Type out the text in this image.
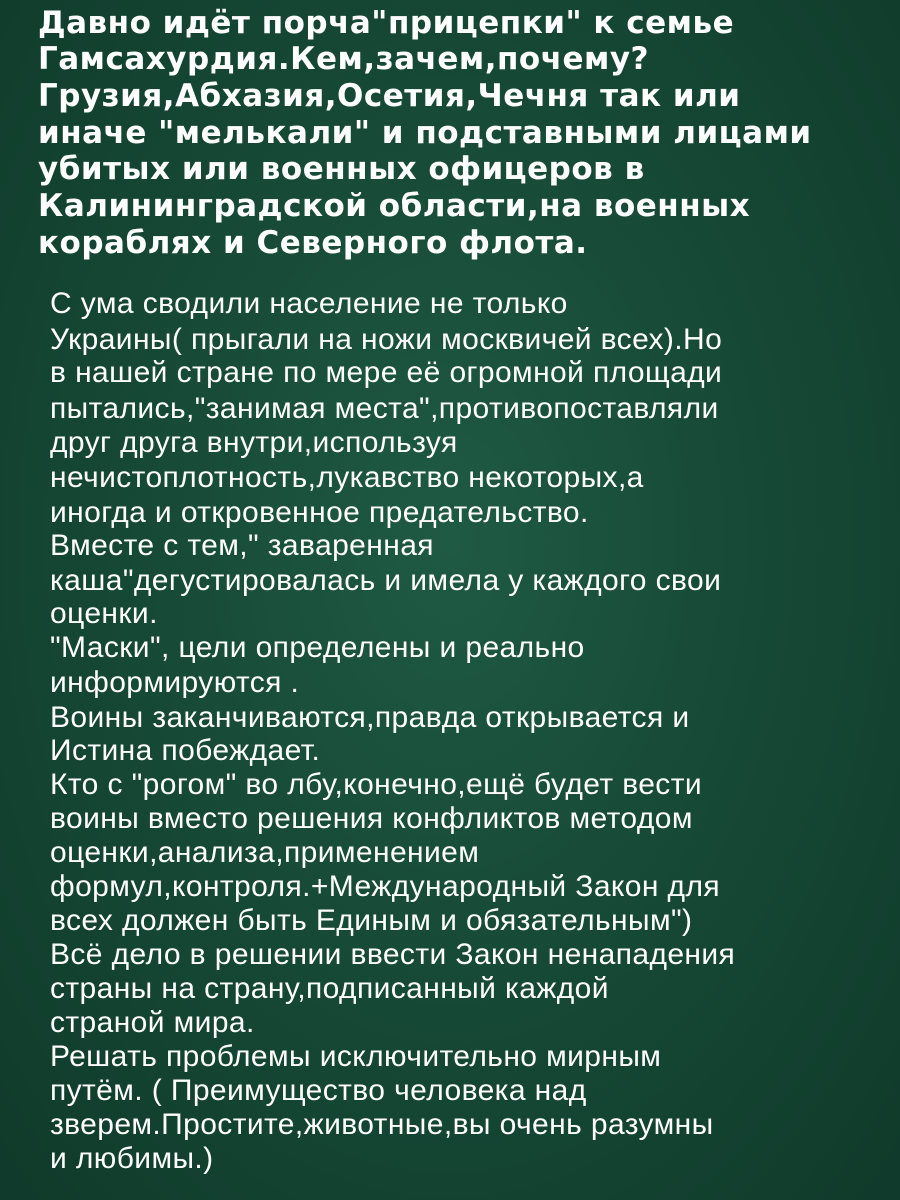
Давно идёт порча"прицепки" к семье

Гамсахурдия.Кем,зачем,почему?

Грузия,Абхазия,Осетия,Чечня так или

иначе "мелькали" и подставными лицами

убитых или военных офицеров в

Калининградской области,на военных

кораблях и Северного флота.

С ума сводили население не только

Украины( прыгали на ножи москвичей всех).Но

в нашей стране по мере её огромной площади

пытались,"занимая места",противопоставляли

друг друга внутри,используя

нечистоплотность,лукавство некоторых,а

иногда и откровенное предательство.

Вместе с тем," заваренная

каша"дегустировалась и имела у каждого свои

оценки.

"Маски", цели определены и реально

информируются .

Воины заканчиваются,правда открывается и

Истина побеждает.

Кто с "рогом" во лбу,конечно,ещё будет вести

воины вместо решения конфликтов методом

оценки,анализа,применением

формул,контроля.+Международный Закон для

всех должен быть Единым и обязательным")

Всё дело в решении ввести Закон ненападения

страны на страну,подписанный каждой

страной мира.

Решать проблемы исключительно мирным

путём. ( Преимущество человека над

зверем.Простите,животные,вы очень разумны

и любимы.)
